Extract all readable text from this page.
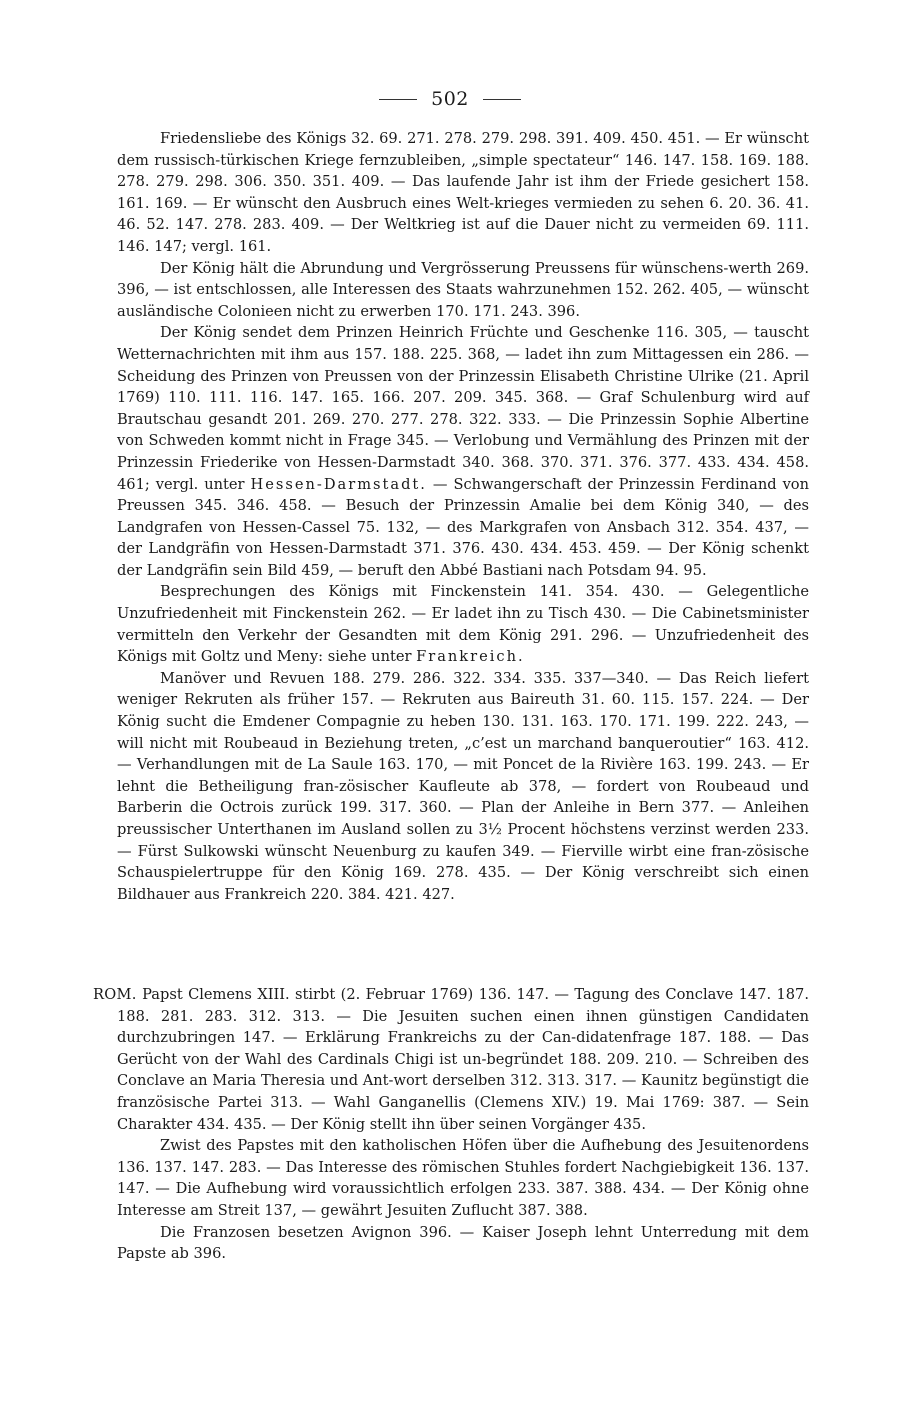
502

Friedensliebe des Königs 32. 69. 271. 278. 279. 298. 391. 409. 450. 451. — Er wünscht dem russisch-türkischen Kriege fernzubleiben, „simple spectateur“ 146. 147. 158. 169. 188. 278. 279. 298. 306. 350. 351. 409. — Das laufende Jahr ist ihm der Friede gesichert 158. 161. 169. — Er wünscht den Ausbruch eines Welt-krieges vermieden zu sehen 6. 20. 36. 41. 46. 52. 147. 278. 283. 409. — Der Weltkrieg ist auf die Dauer nicht zu vermeiden 69. 111. 146. 147; vergl. 161.

Der König hält die Abrundung und Vergrösserung Preussens für wünschens-werth 269. 396, — ist entschlossen, alle Interessen des Staats wahrzunehmen 152. 262. 405, — wünscht ausländische Colonieen nicht zu erwerben 170. 171. 243. 396.

Der König sendet dem Prinzen Heinrich Früchte und Geschenke 116. 305, — tauscht Wetternachrichten mit ihm aus 157. 188. 225. 368, — ladet ihn zum Mittagessen ein 286. — Scheidung des Prinzen von Preussen von der Prinzessin Elisabeth Christine Ulrike (21. April 1769) 110. 111. 116. 147. 165. 166. 207. 209. 345. 368. — Graf Schulenburg wird auf Brautschau gesandt 201. 269. 270. 277. 278. 322. 333. — Die Prinzessin Sophie Albertine von Schweden kommt nicht in Frage 345. — Verlobung und Vermählung des Prinzen mit der Prinzessin Friederike von Hessen-Darmstadt 340. 368. 370. 371. 376. 377. 433. 434. 458. 461; vergl. unter Hessen-Darmstadt. — Schwangerschaft der Prinzessin Ferdinand von Preussen 345. 346. 458. — Besuch der Prinzessin Amalie bei dem König 340, — des Landgrafen von Hessen-Cassel 75. 132, — des Markgrafen von Ansbach 312. 354. 437, — der Landgräfin von Hessen-Darmstadt 371. 376. 430. 434. 453. 459. — Der König schenkt der Landgräfin sein Bild 459, — beruft den Abbé Bastiani nach Potsdam 94. 95.

Besprechungen des Königs mit Finckenstein 141. 354. 430. — Gelegentliche Unzufriedenheit mit Finckenstein 262. — Er ladet ihn zu Tisch 430. — Die Cabinetsminister vermitteln den Verkehr der Gesandten mit dem König 291. 296. — Unzufriedenheit des Königs mit Goltz und Meny: siehe unter Frankreich.

Manöver und Revuen 188. 279. 286. 322. 334. 335. 337—340. — Das Reich liefert weniger Rekruten als früher 157. — Rekruten aus Baireuth 31. 60. 115. 157. 224. — Der König sucht die Emdener Compagnie zu heben 130. 131. 163. 170. 171. 199. 222. 243, — will nicht mit Roubeaud in Beziehung treten, „c’est un marchand banqueroutier“ 163. 412. — Verhandlungen mit de La Saule 163. 170, — mit Poncet de la Rivière 163. 199. 243. — Er lehnt die Betheiligung fran-zösischer Kaufleute ab 378, — fordert von Roubeaud und Barberin die Octrois zurück 199. 317. 360. — Plan der Anleihe in Bern 377. — Anleihen preussischer Unterthanen im Ausland sollen zu 3½ Procent höchstens verzinst werden 233. — Fürst Sulkowski wünscht Neuenburg zu kaufen 349. — Fierville wirbt eine fran-zösische Schauspielertruppe für den König 169. 278. 435. — Der König verschreibt sich einen Bildhauer aus Frankreich 220. 384. 421. 427.

ROM. Papst Clemens XIII. stirbt (2. Februar 1769) 136. 147. — Tagung des Conclave 147. 187. 188. 281. 283. 312. 313. — Die Jesuiten suchen einen ihnen günstigen Candidaten durchzubringen 147. — Erklärung Frankreichs zu der Can-didatenfrage 187. 188. — Das Gerücht von der Wahl des Cardinals Chigi ist un-begründet 188. 209. 210. — Schreiben des Conclave an Maria Theresia und Ant-wort derselben 312. 313. 317. — Kaunitz begünstigt die französische Partei 313. — Wahl Ganganellis (Clemens XIV.) 19. Mai 1769: 387. — Sein Charakter 434. 435. — Der König stellt ihn über seinen Vorgänger 435.

Zwist des Papstes mit den katholischen Höfen über die Aufhebung des Jesuitenordens 136. 137. 147. 283. — Das Interesse des römischen Stuhles fordert Nachgiebigkeit 136. 137. 147. — Die Aufhebung wird voraussichtlich erfolgen 233. 387. 388. 434. — Der König ohne Interesse am Streit 137, — gewährt Jesuiten Zuflucht 387. 388.

Die Franzosen besetzen Avignon 396. — Kaiser Joseph lehnt Unterredung mit dem Papste ab 396.
